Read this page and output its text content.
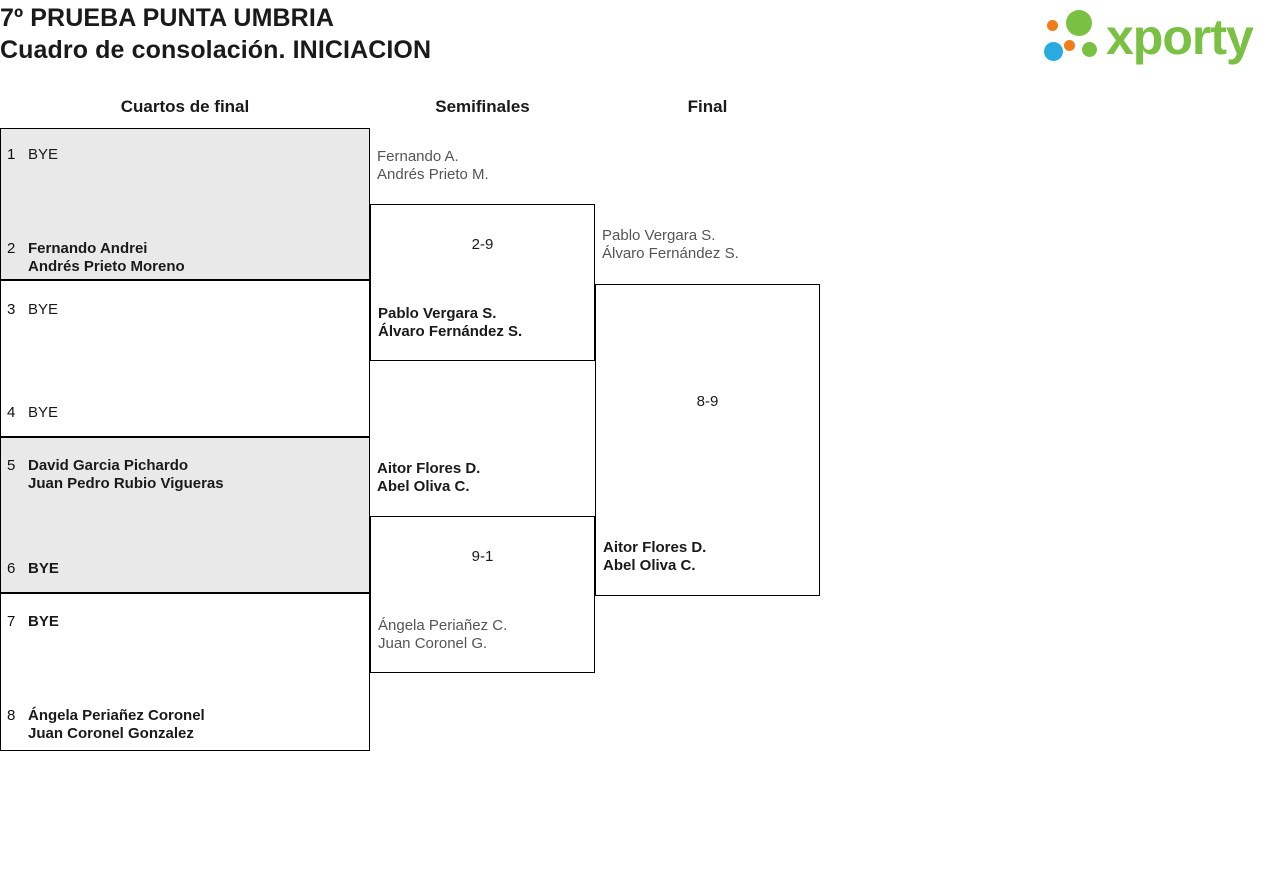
7º PRUEBA PUNTA UMBRIA
Cuadro de consolación. INICIACION	xporty
Cuartos de final	Semifinales	Final
1 BYE
2 Fernando Andrei
Andrés Prieto Moreno
3 BYE
4 BYE
5 David Garcia Pichardo
Juan Pedro Rubio Vigueras
6 BYE
7 BYE
8 Ángela Periañez Coronel
Juan Coronel Gonzalez
Fernando A.
Andrés Prieto M.
2-9
Pablo Vergara S.
Álvaro Fernández S.
Aitor Flores D.
Abel Oliva C.
9-1
Ángela Periañez C.
Juan Coronel G.
Pablo Vergara S.
Álvaro Fernández S.
8-9
Aitor Flores D.
Abel Oliva C.
